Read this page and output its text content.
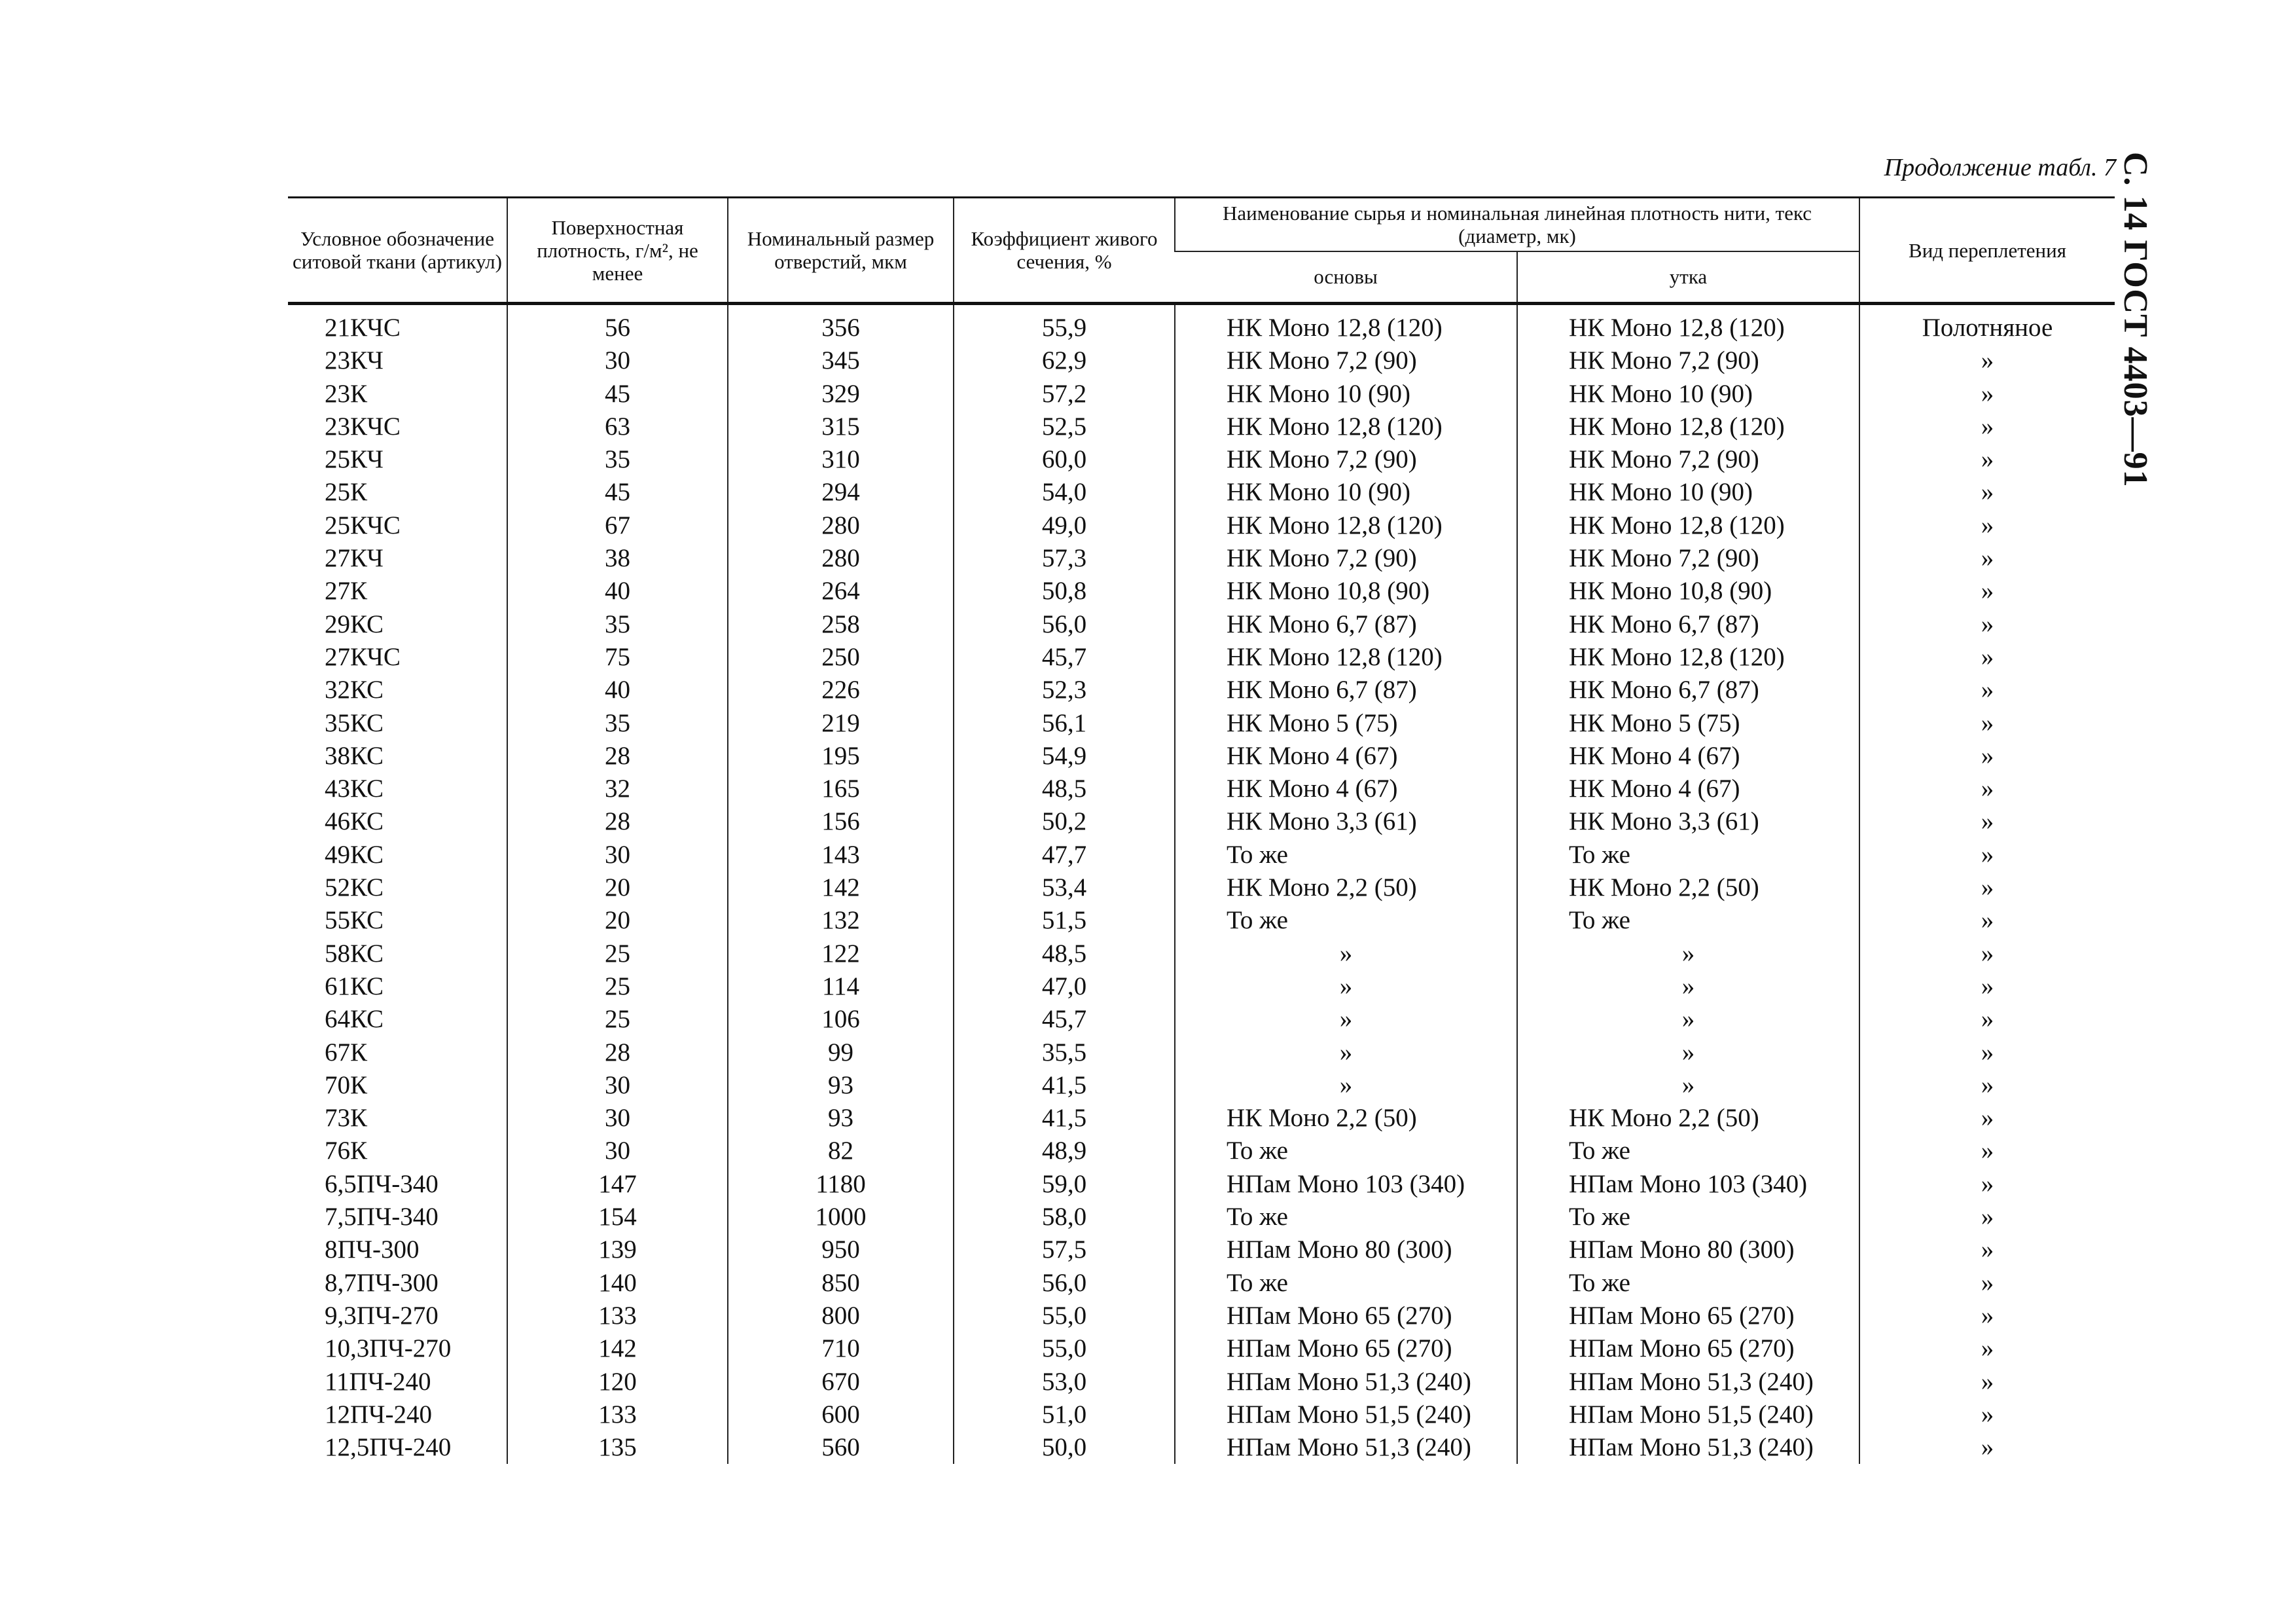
Продолжение табл. 7 С. 14 ГОСТ 4403—91
Условное обозначение ситовой ткани (артикул)	Поверхностная плотность, г/м², не менее	Номинальный размер отверстий, мкм	Коэффициент живого сечения, %	Наименование сырья и номинальная линейная плотность нити, текс (диаметр, мк)		Вид переплетения
				основы	утка	
21КЧС	56	356	55,9	НК Моно 12,8 (120)	НК Моно 12,8 (120)	Полотняное
23КЧ	30	345	62,9	НК Моно 7,2 (90)	НК Моно 7,2 (90)	»
23К	45	329	57,2	НК Моно 10 (90)	НК Моно 10 (90)	»
23КЧС	63	315	52,5	НК Моно 12,8 (120)	НК Моно 12,8 (120)	»
25КЧ	35	310	60,0	НК Моно 7,2 (90)	НК Моно 7,2 (90)	»
25К	45	294	54,0	НК Моно 10 (90)	НК Моно 10 (90)	»
25КЧС	67	280	49,0	НК Моно 12,8 (120)	НК Моно 12,8 (120)	»
27КЧ	38	280	57,3	НК Моно 7,2 (90)	НК Моно 7,2 (90)	»
27К	40	264	50,8	НК Моно 10,8 (90)	НК Моно 10,8 (90)	»
29КС	35	258	56,0	НК Моно 6,7 (87)	НК Моно 6,7 (87)	»
27КЧС	75	250	45,7	НК Моно 12,8 (120)	НК Моно 12,8 (120)	»
32КС	40	226	52,3	НК Моно 6,7 (87)	НК Моно 6,7 (87)	»
35КС	35	219	56,1	НК Моно 5 (75)	НК Моно 5 (75)	»
38КС	28	195	54,9	НК Моно 4 (67)	НК Моно 4 (67)	»
43КС	32	165	48,5	НК Моно 4 (67)	НК Моно 4 (67)	»
46КС	28	156	50,2	НК Моно 3,3 (61)	НК Моно 3,3 (61)	»
49КС	30	143	47,7	То же	То же	»
52КС	20	142	53,4	НК Моно 2,2 (50)	НК Моно 2,2 (50)	»
55КС	20	132	51,5	То же	То же	»
58КС	25	122	48,5	»	»	»
61КС	25	114	47,0	»	»	»
64КС	25	106	45,7	»	»	»
67К	28	99	35,5	»	»	»
70К	30	93	41,5	»	»	»
73К	30	93	41,5	НК Моно 2,2 (50)	НК Моно 2,2 (50)	»
76К	30	82	48,9	То же	То же	»
6,5ПЧ-340	147	1180	59,0	НПам Моно 103 (340)	НПам Моно 103 (340)	»
7,5ПЧ-340	154	1000	58,0	То же	То же	»
8ПЧ-300	139	950	57,5	НПам Моно 80 (300)	НПам Моно 80 (300)	»
8,7ПЧ-300	140	850	56,0	То же	То же	»
9,3ПЧ-270	133	800	55,0	НПам Моно 65 (270)	НПам Моно 65 (270)	»
10,3ПЧ-270	142	710	55,0	НПам Моно 65 (270)	НПам Моно 65 (270)	»
11ПЧ-240	120	670	53,0	НПам Моно 51,3 (240)	НПам Моно 51,3 (240)	»
12ПЧ-240	133	600	51,0	НПам Моно 51,5 (240)	НПам Моно 51,5 (240)	»
12,5ПЧ-240	135	560	50,0	НПам Моно 51,3 (240)	НПам Моно 51,3 (240)	»
